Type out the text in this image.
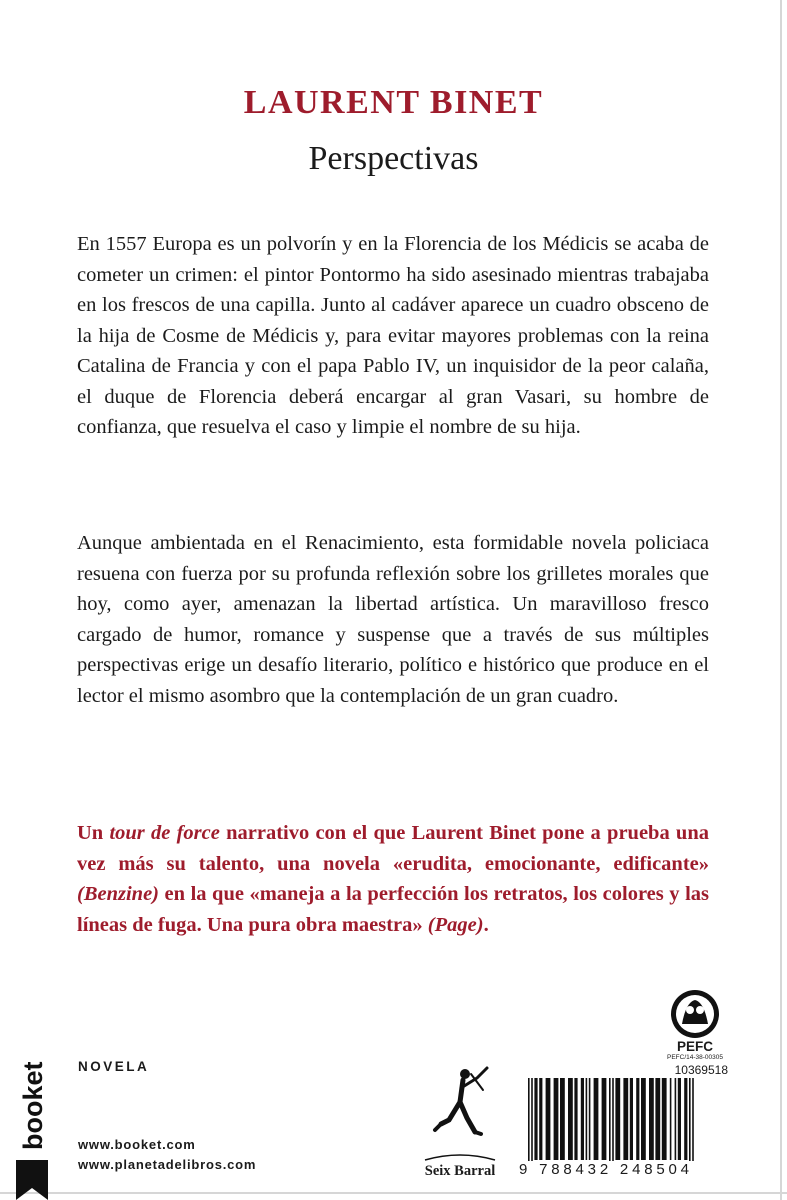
LAURENT BINET
Perspectivas

En 1557 Europa es un polvorín y en la Florencia de los Médicis se acaba de cometer un crimen: el pintor Pontormo ha sido asesinado mientras trabajaba en los frescos de una capilla. Junto al cadáver aparece un cuadro obsceno de la hija de Cosme de Médicis y, para evitar mayores problemas con la reina Catalina de Francia y con el papa Pablo IV, un inquisidor de la peor calaña, el duque de Florencia deberá encargar al gran Vasari, su hombre de confianza, que resuelva el caso y limpie el nombre de su hija.

Aunque ambientada en el Renacimiento, esta formidable novela policiaca resuena con fuerza por su profunda reflexión sobre los grilletes morales que hoy, como ayer, amenazan la libertad artística. Un maravilloso fresco cargado de humor, romance y suspense que a través de sus múltiples perspectivas erige un desafío literario, político e histórico que produce en el lector el mismo asombro que la contemplación de un gran cuadro.

Un tour de force narrativo con el que Laurent Binet pone a prueba una vez más su talento, una novela «erudita, emocionante, edificante» (Benzine) en la que «maneja a la perfección los retratos, los colores y las líneas de fuga. Una pura obra maestra» (Page).

booket NOVELA
www.booket.com
www.planetadelibros.com	Seix Barral
PEFC
PEFC/14-38-00305
10369518
9 788432 248504
